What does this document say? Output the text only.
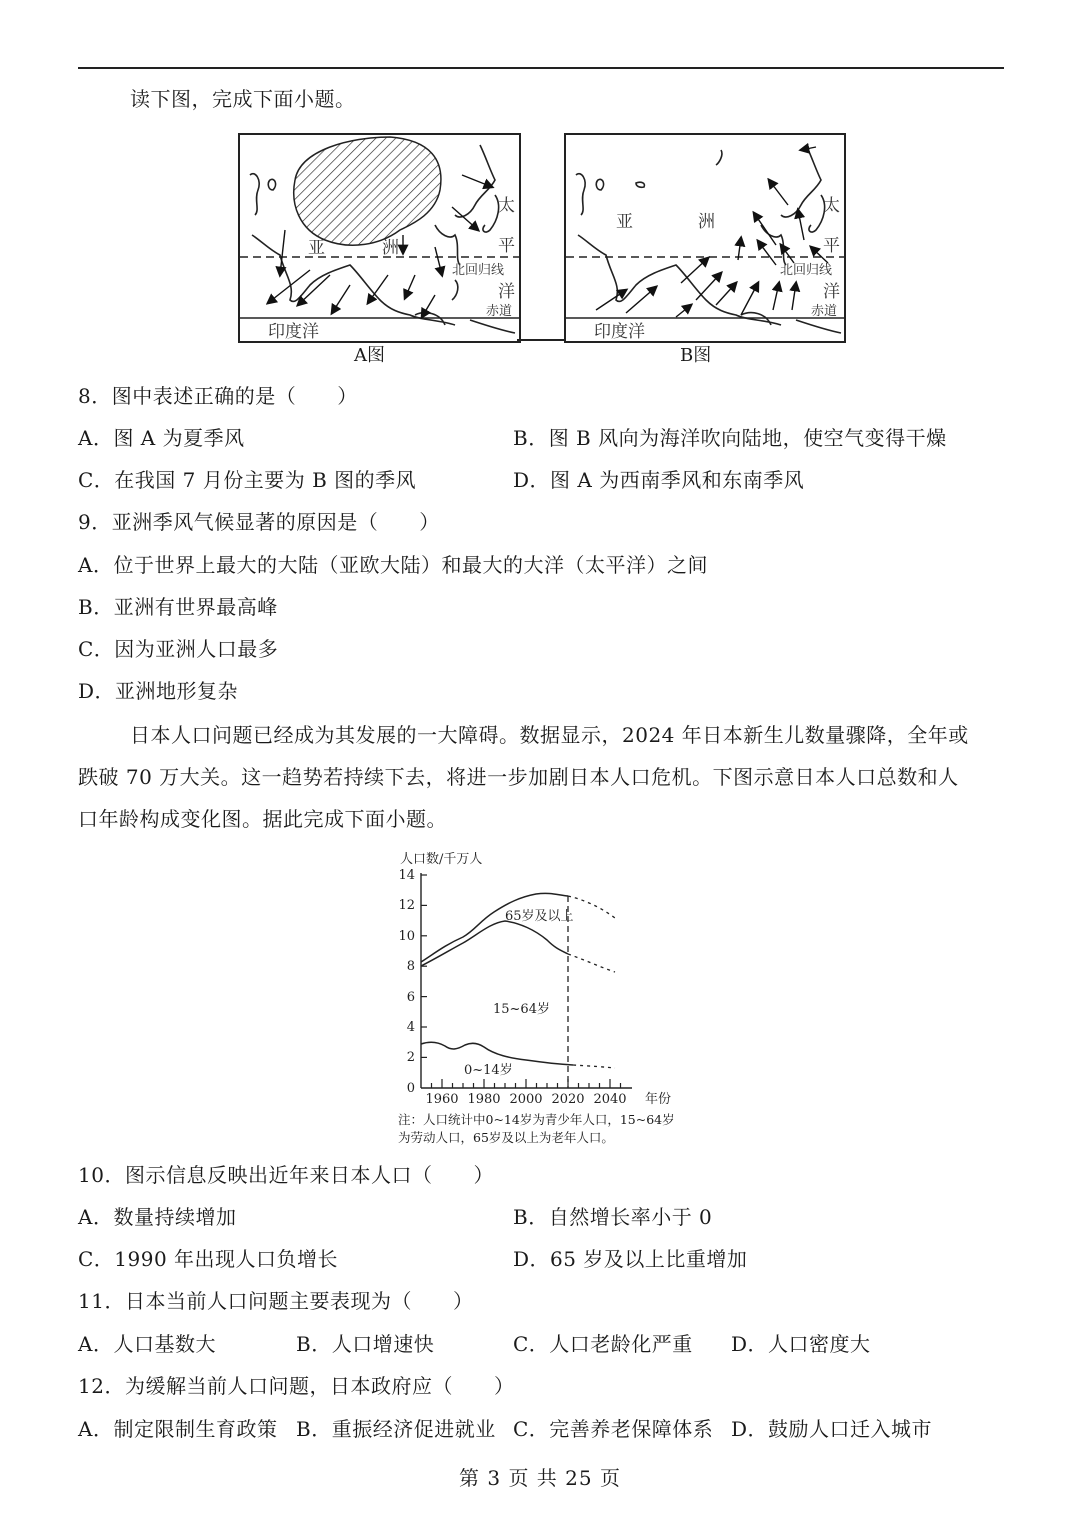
读下图，完成下面小题。
亚	洲
太
平
北回归线
洋
赤道
印度洋
A图
亚	洲
太
平
北回归线
洋
赤道
印度洋
B图
8．图中表述正确的是（　　）
A．图 A 为夏季风	B．图 B 风向为海洋吹向陆地，使空气变得干燥
C．在我国 7 月份主要为 B 图的季风	D．图 A 为西南季风和东南季风
9．亚洲季风气候显著的原因是（　　）
A．位于世界上最大的大陆（亚欧大陆）和最大的大洋（太平洋）之间
B．亚洲有世界最高峰
C．因为亚洲人口最多
D．亚洲地形复杂
日本人口问题已经成为其发展的一大障碍。数据显示，2024 年日本新生儿数量骤降，全年或
跌破 70 万大关。这一趋势若持续下去，将进一步加剧日本人口危机。下图示意日本人口总数和人
口年龄构成变化图。据此完成下面小题。
0
2
4
6
8
10
12
14
1960 1980 2000 2020 2040 年份
人口数/千万人
65岁及以上
15~64岁
0~14岁
注：人口统计中0~14岁为青少年人口，15~64岁
为劳动人口，65岁及以上为老年人口。
10．图示信息反映出近年来日本人口（　　）
A．数量持续增加	B．自然增长率小于 0
C．1990 年出现人口负增长	D．65 岁及以上比重增加
11．日本当前人口问题主要表现为（　　）
A．人口基数大	B．人口增速快	C．人口老龄化严重 D．人口密度大
12．为缓解当前人口问题，日本政府应（　　）
A．制定限制生育政策 B．重振经济促进就业 C．完善养老保障体系 D．鼓励人口迁入城市
第 3 页 共 25 页
